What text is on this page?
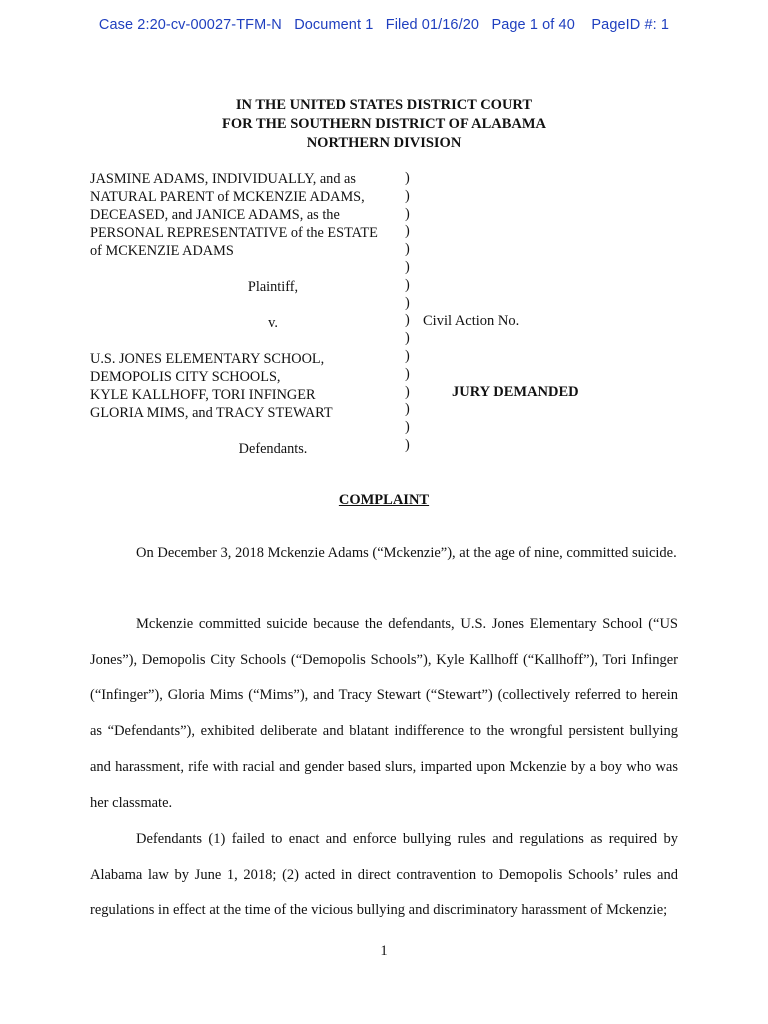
Case 2:20-cv-00027-TFM-N   Document 1   Filed 01/16/20   Page 1 of 40    PageID #: 1
IN THE UNITED STATES DISTRICT COURT
FOR THE SOUTHERN DISTRICT OF ALABAMA
NORTHERN DIVISION
JASMINE ADAMS, INDIVIDUALLY, and as
NATURAL PARENT of MCKENZIE ADAMS,
DECEASED, and JANICE ADAMS, as the
PERSONAL REPRESENTATIVE of the ESTATE
of MCKENZIE ADAMS
Plaintiff,
v.
U.S. JONES ELEMENTARY SCHOOL,
DEMOPOLIS CITY SCHOOLS,
KYLE KALLHOFF, TORI INFINGER
GLORIA MIMS, and TRACY STEWART
Defendants.
)
)
)
)
)
)
)
)
)
)
)
)
)
)
)
)
Civil Action No.
JURY DEMANDED
COMPLAINT

On December 3, 2018 Mckenzie Adams (“Mckenzie”), at the age of nine, committed suicide.

Mckenzie committed suicide because the defendants, U.S. Jones Elementary School (“US Jones”), Demopolis City Schools (“Demopolis Schools”), Kyle Kallhoff (“Kallhoff”), Tori Infinger (“Infinger”), Gloria Mims (“Mims”), and Tracy Stewart (“Stewart”) (collectively referred to herein as “Defendants”), exhibited deliberate and blatant indifference to the wrongful persistent bullying and harassment, rife with racial and gender based slurs, imparted upon Mckenzie by a boy who was her classmate.

Defendants (1) failed to enact and enforce bullying rules and regulations as required by Alabama law by June 1, 2018; (2) acted in direct contravention to Demopolis Schools’ rules and regulations in effect at the time of the vicious bullying and discriminatory harassment of Mckenzie;

1
